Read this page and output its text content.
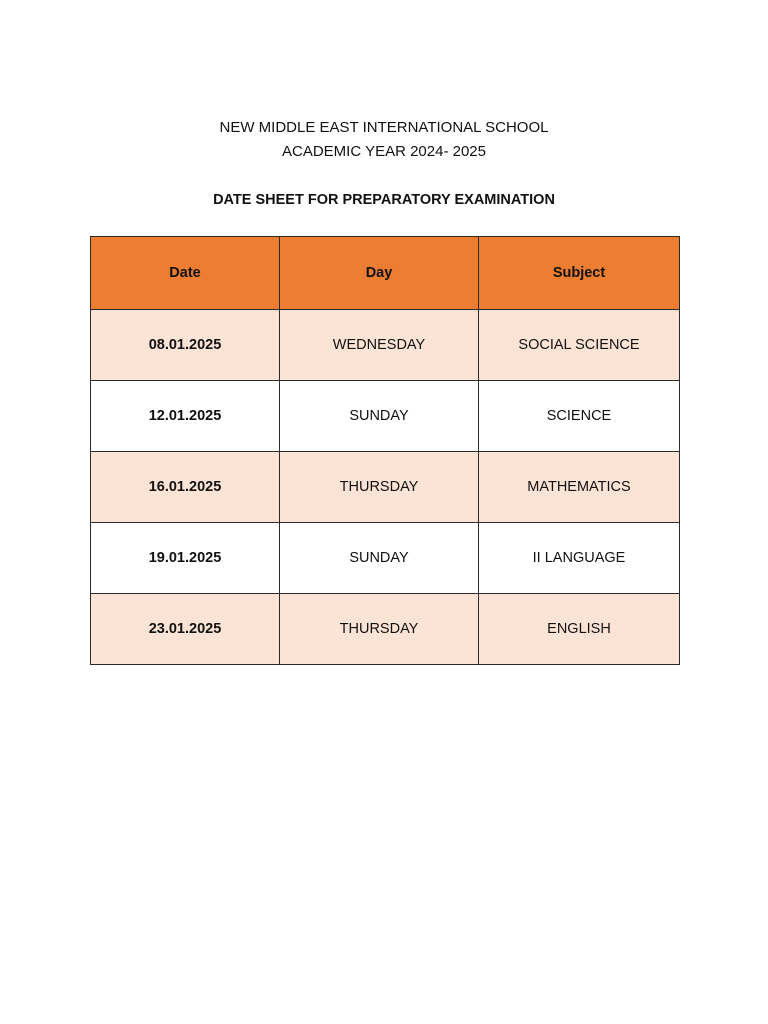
NEW MIDDLE EAST INTERNATIONAL SCHOOL
ACADEMIC YEAR 2024- 2025
DATE SHEET FOR PREPARATORY EXAMINATION
Date	Day	Subject
08.01.2025	WEDNESDAY	SOCIAL SCIENCE
12.01.2025	SUNDAY	SCIENCE
16.01.2025	THURSDAY	MATHEMATICS
19.01.2025	SUNDAY	II LANGUAGE
23.01.2025	THURSDAY	ENGLISH
